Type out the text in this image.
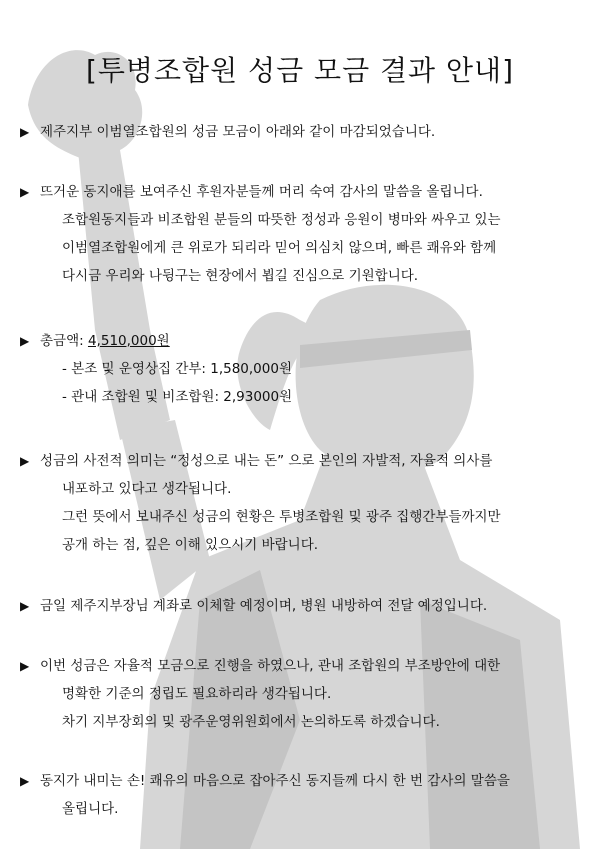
[투병조합원 성금 모금 결과 안내]
▶ 제주지부 이범열조합원의 성금 모금이 아래와 같이 마감되었습니다.
▶ 뜨거운 동지애를 보여주신 후원자분들께 머리 숙여 감사의 말씀을 올립니다.
조합원동지들과 비조합원 분들의 따뜻한 정성과 응원이 병마와 싸우고 있는
이범열조합원에게 큰 위로가 되리라 믿어 의심치 않으며, 빠른 쾌유와 함께
다시금 우리와 나뒹구는 현장에서 뵙길 진심으로 기원합니다.
▶ 총금액: 4,510,000원
- 본조 및 운영상집 간부: 1,580,000원
- 관내 조합원 및 비조합원: 2,93000원
▶ 성금의 사전적 의미는 “정성으로 내는 돈” 으로 본인의 자발적, 자율적 의사를
내포하고 있다고 생각됩니다.
그런 뜻에서 보내주신 성금의 현황은 투병조합원 및 광주 집행간부들까지만
공개 하는 점, 깊은 이해 있으시기 바랍니다.
▶ 금일 제주지부장님 계좌로 이체할 예정이며, 병원 내방하여 전달 예정입니다.
▶ 이번 성금은 자율적 모금으로 진행을 하였으나, 관내 조합원의 부조방안에 대한
명확한 기준의 정립도 필요하리라 생각됩니다.
차기 지부장회의 및 광주운영위원회에서 논의하도록 하겠습니다.
▶ 동지가 내미는 손! 쾌유의 마음으로 잡아주신 동지들께 다시 한 번 감사의 말씀을
올립니다.
